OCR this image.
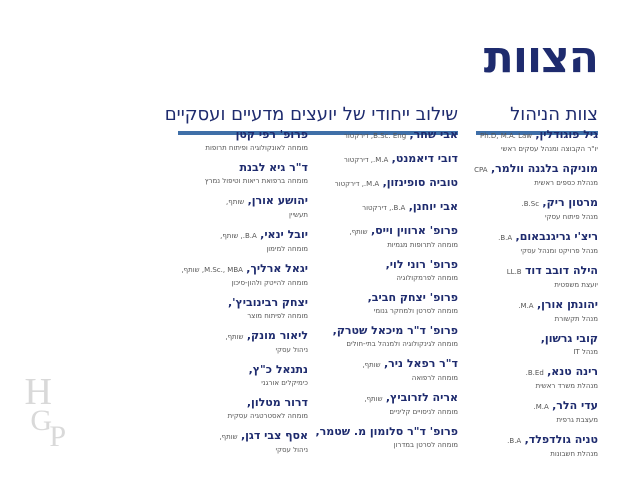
הצוות
צוות הניהול
שילוב ייחודי של יועצים מדעיים ועסקיים
גיל פוגודלין, Ph.D, M.A. Law
יו"ר הקבוצה ומנהל עסקים ראשי
מוניקה בלגנה וולמר, CPA
מנהלת כספים ראשית
מרטון ריק, B.Sc.
מנהל פיתוח עסקי
ריצ'י גריגנבאום, B.A.
מנהל פרויקט ומנהל עסקי
הילה דובב דוד LL.B
יועצת משפטית
יהונתן אורן, M.A.
מנהל תקשורת
קובי גרשון,
מנהל IT
רינה טנא, B.Ed.
מנהלת משרד ראשית
עדי הלר, M.A.
מעצבת גרפית
טניה גולדפלד, B.A.
מנהלת חשבונות
אבי שחר, B.Sc. Eng, דירקטור
דובי דיאמנט, M.A., דירקטור
טוביה סופינזון, M.A., דירקטור
אבי יוחנן, B.A., דירקטור
פרופ' ארווין וייס, שותף,
מומחה לתרופות מגמיות
פרופ' רוני לוי,
מומחה לפרמקולוגיה
פרופ' יצחק חביב,
מומחה לסרטן ולמחקר גנומי
פרופ' ד"ר מיכאל שטרק,
מומחה לגינקולוגיה ולמנהל בתי-חולים
ד"ר רפאל ניר, שותף,
מומחה לרפואה
אריה לזרוביץ, שותף,
מומחה לניסויים קליניים
פרופ' ד"ר סלומון מ. שטמר,
מומחה לסרטן במדרון
פרופ' רפי קטן
מומחה לאונקולוגיה ופיתוח תרופות
ד"ר גיא לבנת
מומחה ברפואת ריאות וטיפול נמרץ
יהושע אורן, שותף,
תעשיין
יובל ינאי, B.A., שותף,
מומחה למימון
יגאל ארליך, M.Sc., MBA, שותף,
מומחה להייטק ולהון-סיכון
יצחק רבינוביץ',
מומחה לפיתוח מוצר
ליאור מונק, שותף,
ניהול עסקי
נתנאל כ"ץ,
כימיקלים אורגני
דרור מטלון,
מומחה לאסטרטגיה עסקית
אסף צבי דגן, שותף,
ניהול עסקי
H
G
P
